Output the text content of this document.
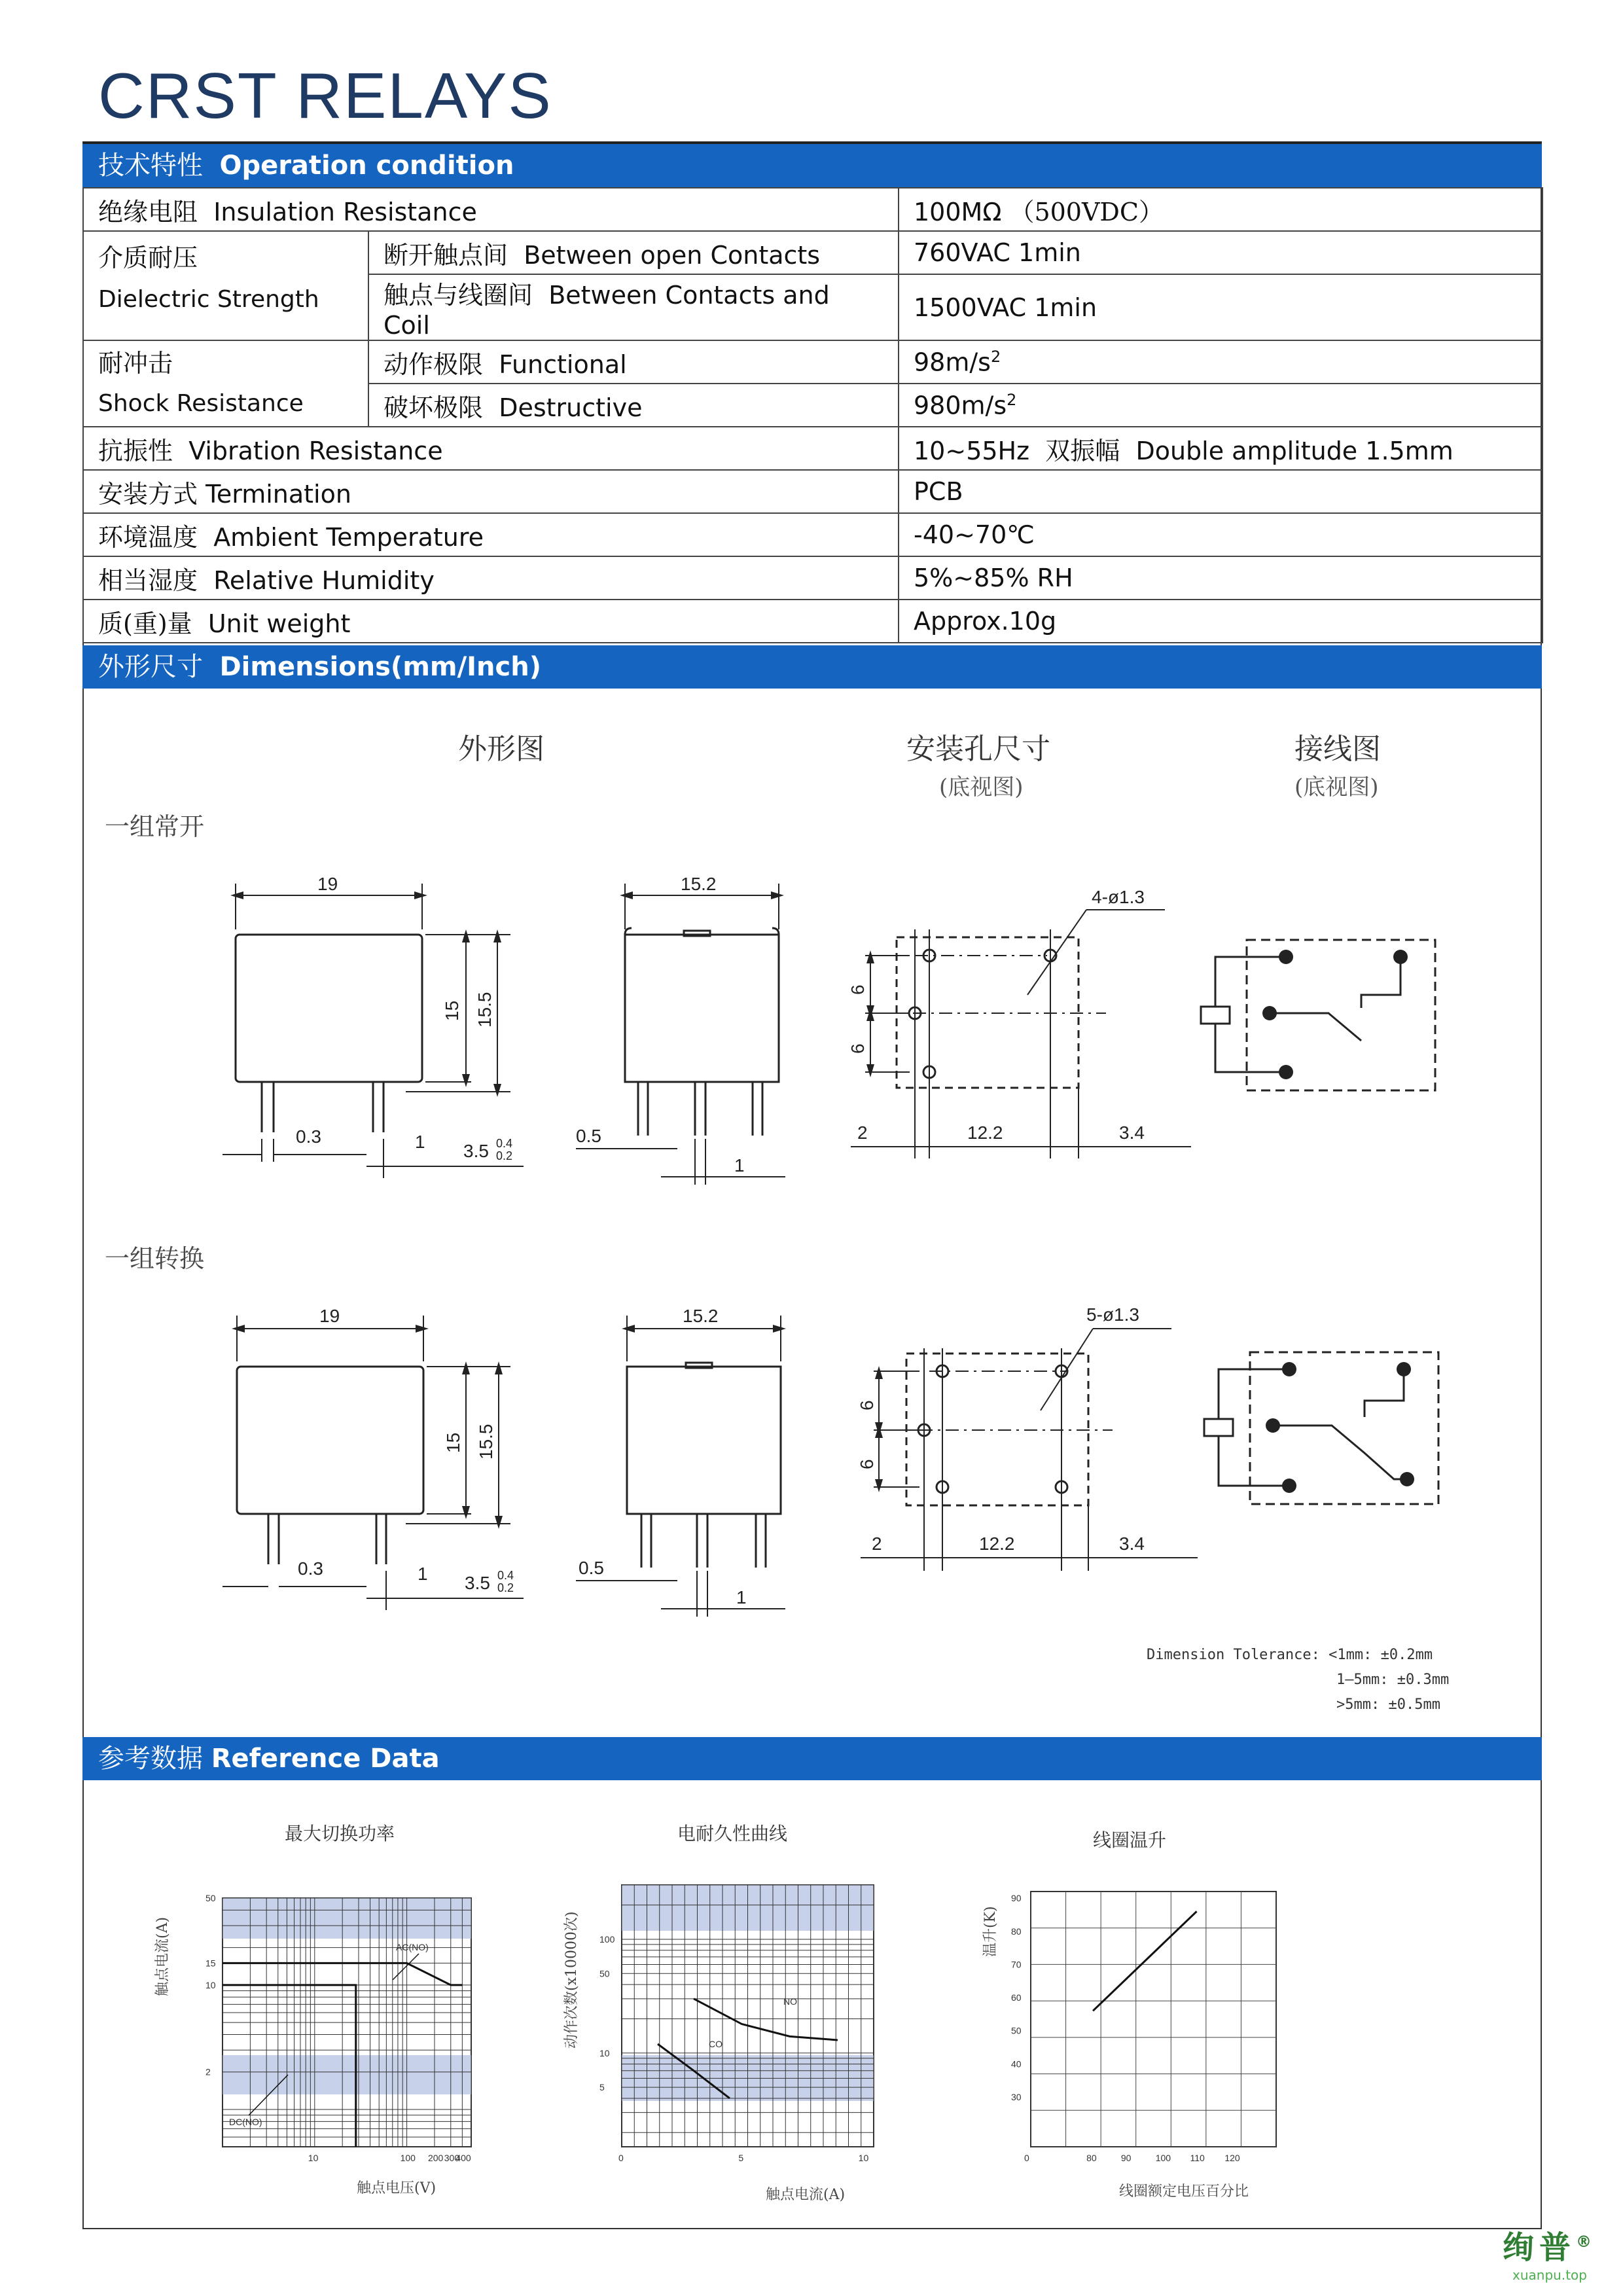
CRST RELAYS
技术特性 Operation condition
绝缘电阻 Insulation Resistance		100MΩ （500VDC）

介质耐压
Dielectric Strength	断开触点间 Between open Contacts	760VAC 1min
	触点与线圈间 Between Contacts and Coil	1500VAC 1min

耐冲击
Shock Resistance	动作极限 Functional	$98m/s^2$
	破坏极限 Destructive	$980m/s^2$
抗振性 Vibration Resistance		10~55Hz 双振幅 Double amplitude 1.5mm
安装方式 Termination		PCB
环境温度 Ambient Temperature		-40~70℃
相当湿度 Relative Humidity		5%~85% RH
质(重)量 Unit weight		Approx.10g
外形尺寸 Dimensions(mm/Inch)
外形图	安装孔尺寸
(底视图)
接线图
(底视图)
一组常开
一组转换
19	15.2
15 15.5
0.3	1 3.5 0.4
0.2
0.5
1
6
6
2	12.2	3.4
4-ø1.3
19	15.2
15 15.5
0.3	1 3.5 0.4
0.2
0.5
1
6
6
2	12.2	3.4
5-ø1.3
Dimension Tolerance: <1mm: ±0.2mm
1—5mm: ±0.3mm
>5mm: ±0.5mm
参考数据 Reference Data
最大切换功率	电耐久性曲线	线圈温升
10	100 200 300
400
2
10
15
50
AC(NO)
DC(NO)
触点电流(A)
触点电压(V)
0	5	10
5
10
50
100
NO
CO
动作次数(x10000次)
触点电流(A)
0	80	90	100 110 120
30
40
50
60
70
80
90
温升(K)
线圈额定电压百分比
绚普®
xuanpu.top
